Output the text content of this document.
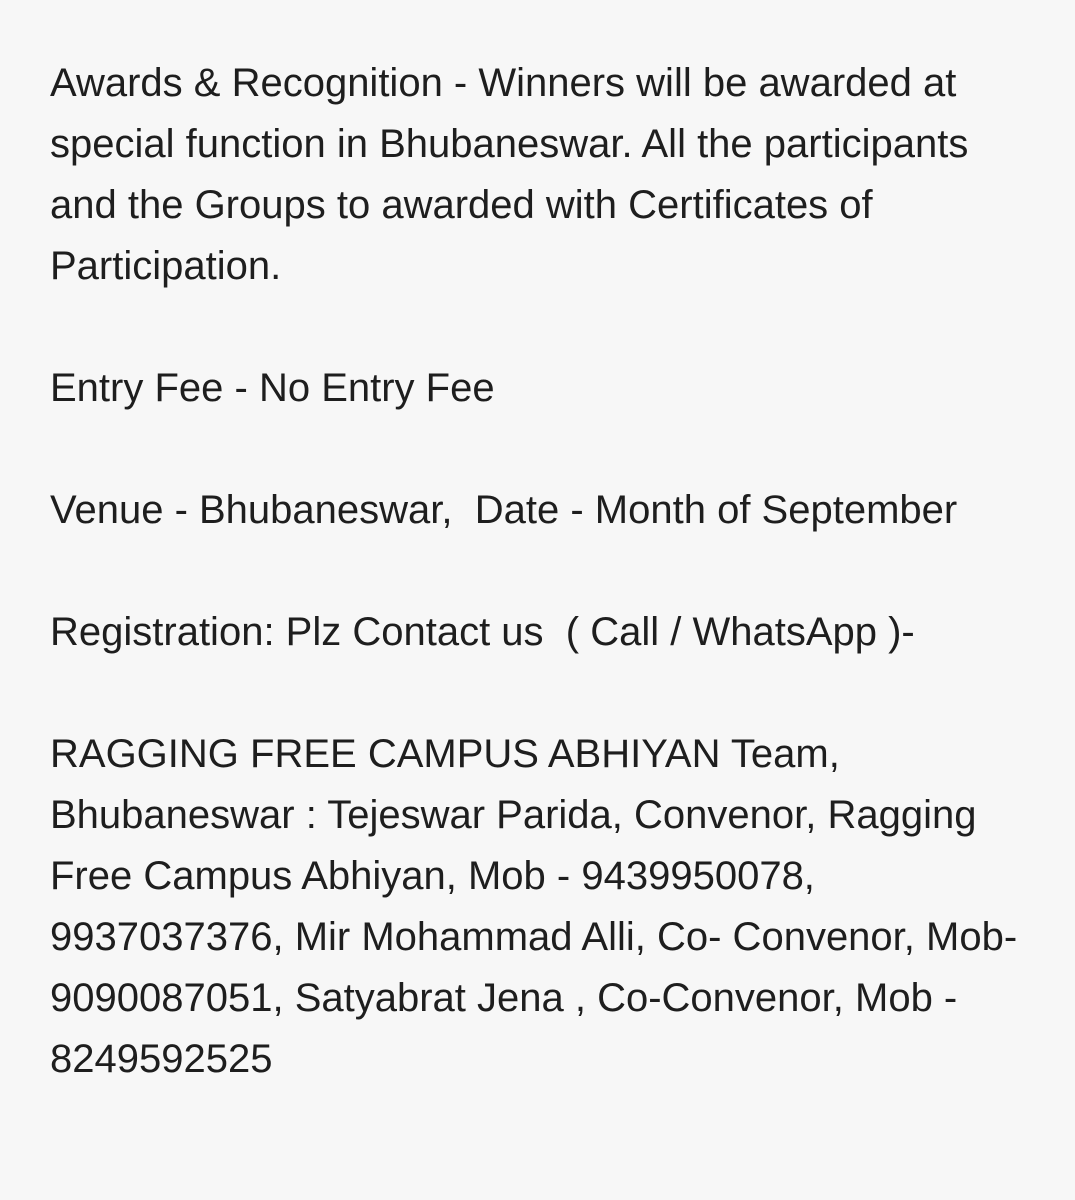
Awards & Recognition - Winners will be awarded at special function in Bhubaneswar. All the participants and the Groups to awarded with Certificates of Participation.

Entry Fee - No Entry Fee

Venue - Bhubaneswar,  Date - Month of September

Registration: Plz Contact us  ( Call / WhatsApp )-

RAGGING FREE CAMPUS ABHIYAN Team, Bhubaneswar : Tejeswar Parida, Convenor, Ragging Free Campus Abhiyan, Mob - 9439950078, 9937037376, Mir Mohammad Alli, Co- Convenor, Mob- 9090087051, Satyabrat Jena , Co-Convenor, Mob - 8249592525
